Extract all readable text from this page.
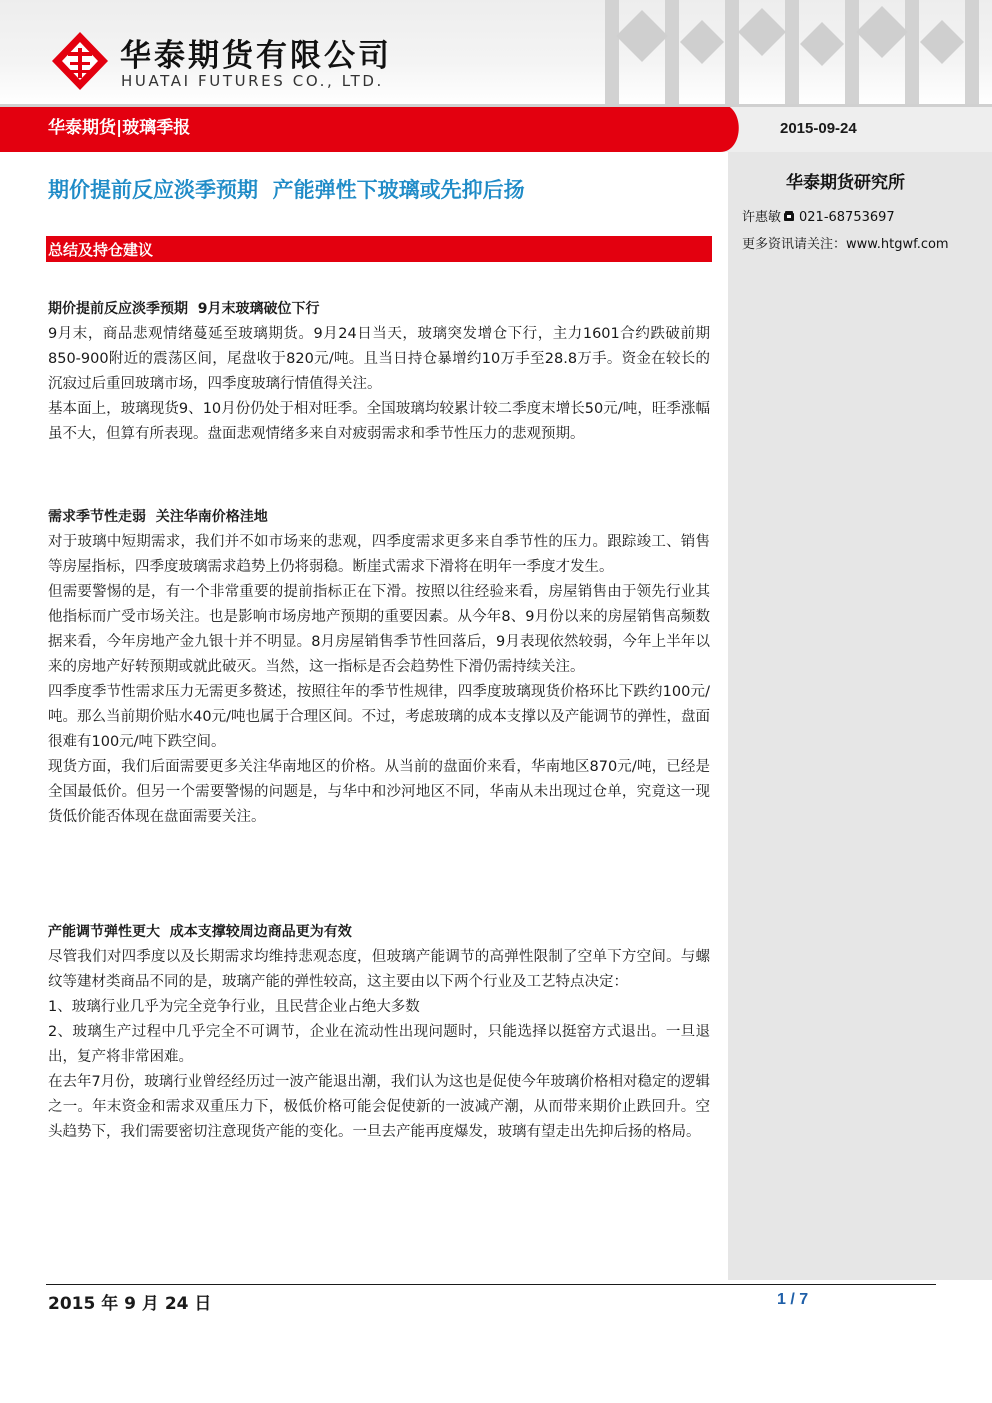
华泰期货有限公司
HUATAI FUTURES CO., LTD.
华泰期货|玻璃季报	2015-09-24
华泰期货研究所
许惠敏 021-68753697
更多资讯请关注：www.htgwf.com
期价提前反应淡季预期  产能弹性下玻璃或先抑后扬
总结及持仓建议
期价提前反应淡季预期  9月末玻璃破位下行

9月末，商品悲观情绪蔓延至玻璃期货。9月24日当天，玻璃突发增仓下行，主力1601合约跌破前期850-900附近的震荡区间，尾盘收于820元/吨。且当日持仓暴增约10万手至28.8万手。资金在较长的沉寂过后重回玻璃市场，四季度玻璃行情值得关注。

基本面上，玻璃现货9、10月份仍处于相对旺季。全国玻璃均较累计较二季度末增长50元/吨，旺季涨幅虽不大，但算有所表现。盘面悲观情绪多来自对疲弱需求和季节性压力的悲观预期。

需求季节性走弱  关注华南价格洼地

对于玻璃中短期需求，我们并不如市场来的悲观，四季度需求更多来自季节性的压力。跟踪竣工、销售等房屋指标，四季度玻璃需求趋势上仍将弱稳。断崖式需求下滑将在明年一季度才发生。

但需要警惕的是，有一个非常重要的提前指标正在下滑。按照以往经验来看，房屋销售由于领先行业其他指标而广受市场关注。也是影响市场房地产预期的重要因素。从今年8、9月份以来的房屋销售高频数据来看，今年房地产金九银十并不明显。8月房屋销售季节性回落后，9月表现依然较弱，今年上半年以来的房地产好转预期或就此破灭。当然，这一指标是否会趋势性下滑仍需持续关注。

四季度季节性需求压力无需更多赘述，按照往年的季节性规律，四季度玻璃现货价格环比下跌约100元/吨。那么当前期价贴水40元/吨也属于合理区间。不过，考虑玻璃的成本支撑以及产能调节的弹性，盘面很难有100元/吨下跌空间。

现货方面，我们后面需要更多关注华南地区的价格。从当前的盘面价来看，华南地区870元/吨，已经是全国最低价。但另一个需要警惕的问题是，与华中和沙河地区不同，华南从未出现过仓单，究竟这一现货低价能否体现在盘面需要关注。

产能调节弹性更大  成本支撑较周边商品更为有效

尽管我们对四季度以及长期需求均维持悲观态度，但玻璃产能调节的高弹性限制了空单下方空间。与螺纹等建材类商品不同的是，玻璃产能的弹性较高，这主要由以下两个行业及工艺特点决定：

1、玻璃行业几乎为完全竞争行业，且民营企业占绝大多数

2、玻璃生产过程中几乎完全不可调节，企业在流动性出现问题时，只能选择以挺窑方式退出。一旦退出，复产将非常困难。

在去年7月份，玻璃行业曾经经历过一波产能退出潮，我们认为这也是促使今年玻璃价格相对稳定的逻辑之一。年末资金和需求双重压力下，极低价格可能会促使新的一波减产潮，从而带来期价止跌回升。空头趋势下，我们需要密切注意现货产能的变化。一旦去产能再度爆发，玻璃有望走出先抑后扬的格局。

2015 年 9 月 24 日	1 / 7
